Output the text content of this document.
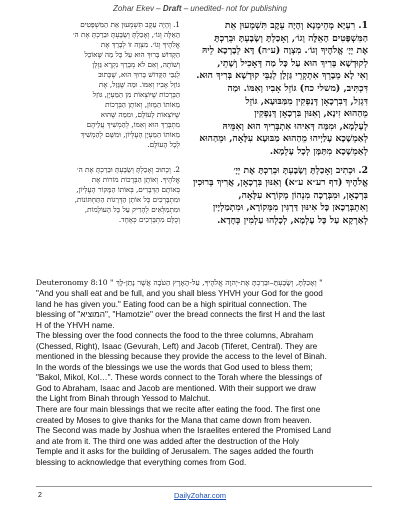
Zohar Ekev – Draft – unedited- not for publishing
1. רִעְיָא מְהֵימְנָא וְהָיָה עֵקֶב תִּשְׁמְעוּן אֵת
הַמִּשְׁפָּטִים הָאֵלֶּה וְגוֹ׳, וְאָכַלְתָּ וְשָׂבָעְתָּ וּבֵרַכְתָּ
אֶת יְיָ׳ אֱלֹהֶיךָ וְגוֹ׳. מִצְוָה (ע״ה) דָּא לְבָרְכָא לֵיהּ
לְקוּדְשָׁא בְּרִיךְ הוּא עַל כָּל מַה דְּאָכִיל וְשָׁתֵי,
וְאִי לָא מְבָרֵךְ אִתְקְרֵי גַּזְלָן לְגַבֵּי קוּדְשָׁא בְּרִיךְ הוּא.
דִּכְתִּיב, (משלי כח) גּוֹזֵל אָבִיו וְאִמּוֹ. וּמַה
דִּגְזַל, דְּבִרְכָאָן דְּנַפְקִין מִמַּבּוּעָא, גּוֹזֵל
מֵהַהוּא זִינָא, וְאִנּוּן בִּרְכָאָן דְּנַפְקִין
לְעָלְמָא, וּמִמָּה דְּאִיהוּ אִתְבְּרִיךְ הוּא וְאִמֵּיהּ
לְאַמְשָׁכָא עָלַיְיהוּ מֵהַהוּא מַבּוּעָא עִלָּאָה, וּמֵהַהוּא
לְאַמְשָׁכָא מִתַּמָּן לְכָל עָלְמָא.
1. וְהָיָה עֵקֶב תִּשְׁמְעוּן אֵת הַמִּשְׁפָּטִים
הָאֵלֶּה וְגוֹ׳, וְאָכַלְתָּ וְשָׂבָעְתָּ וּבֵרַכְתָּ אֶת ה׳
אֱלֹהֶיךָ וְגוֹ׳. מִצְוָה זוֹ לְבָרֵךְ אֶת
הַקָּדוֹשׁ בָּרוּךְ הוּא עַל כָּל מַה שֶּׁאוֹכֵל
וְשׁוֹתֶה, וְאִם לֹא מְבָרֵךְ נִקְרָא גַּזְלָן
לְגַבֵּי הַקָּדוֹשׁ בָּרוּךְ הוּא, שֶׁכָּתוּב
גּוֹזֵל אָבִיו וְאִמּוֹ. וּמַה שֶּׁגָּזַל, אֶת
הַבְּרָכוֹת שֶׁיּוֹצְאוֹת מִן הַמַּעְיָן, גּוֹזֵל
מֵאוֹתוֹ הַמָּזוֹן, וְאוֹתָן הַבְּרָכוֹת
שֶׁיּוֹצְאוֹת לָעוֹלָם, וּמִמַּה שֶּׁהוּא
מִתְבָּרֵךְ הוּא וְאִמּוֹ, לְהַמְשִׁיךְ עֲלֵיהֶם
מֵאוֹתוֹ הַמַּעְיָן הָעֶלְיוֹן, וּמִשָּׁם לְהַמְשִׁיךְ
לְכָל הָעוֹלָם.
2. וּכְתִיב וְאָכַלְתָּ וְשָׂבָעְתָּ וּבֵרַכְתָּ אֶת יְיָ׳
אֱלֹהֶיךָ (דף רע״א ע״א) וְאִנּוּן בִּרְכָאָן, אֲרִיךְ בְּרוּכִין
בִּרְכָאָן, וּמִבְּרָכָה מִנְהוֹן מְקוֹרָא עִלָּאָה,
וְאִתְבְּרָכָאן כָּל אִינּוּן דַּרְגִּין מִמְּקוֹרָא, וּמִתְמַלְיָין
לְאַרְקָא עַל כָּל עָלְמָא, לְכָלְהוּ עַלְמִין כְּחָדָא.
2. וְכָתוּב וְאָכַלְתָּ וְשָׂבָעְתָּ וּבֵרַכְתָּ אֶת ה׳
אֱלֹהֶיךָ. וְאוֹתָן הַבְּרָכוֹת מוֹרוֹת אֶת
בְּאוֹתָם הַדְּבָרִים, בְּאוֹתוֹ הַמָּקוֹר הָעֶלְיוֹן,
וּמִתְבָּרְכִים כָּל אוֹתָן הַדְּרָגוֹת הַתַּחְתּוֹנוֹת,
וּמִתְמַלְּאִים לְהָרִיק עַל כָּל הָעוֹלָמוֹת,
וְכֻלָּם מִתְבָּרְכִים כְּאֶחָד.
Deuteronomy 8:10 " וְאָכַלְתָּ, וְשָׂבָעְתָּ–וּבֵרַכְתָּ אֶת-יְהוָה אֱלֹהֶיךָ, עַל-הָאָרֶץ הַטֹּבָה אֲשֶׁר נָתַן-לָךְ "
"And you shall eat and be full, and you shall bless YHVH your God for the good
land he has given you." Eating food can be a high spiritual connection. The
blessing of "המוציא", "Hamotzie" over the bread connects the first H and the last
H of the YHVH name.
The blessing over the food connects the food to the three columns, Abraham
(Chessed, Right), Isaac (Gevurah, Left) and Jacob (Tiferet, Central). They are
mentioned in the blessing because they provide the access to the level of Binah.
In the words of the blessings we use the words that God used to bless them;
"Bakol, Mikol, Kol…". These words connect to the Torah where the blessings of
God to Abraham, Isaac and Jacob are mentioned. With their support we draw
the Light from Binah through Yessod to Malchut.
There are four main blessings that we recite after eating the food. The first one
created by Moses to give thanks for the Mana that came down from heaven.
The Second was made by Joshua when the Israelites entered the Promised Land
and ate from it. The third one was added after the destruction of the Holy
Temple and it asks for the building of Jerusalem. The sages added the fourth
blessing to acknowledge that everything comes from God.
2	DailyZohar.com
